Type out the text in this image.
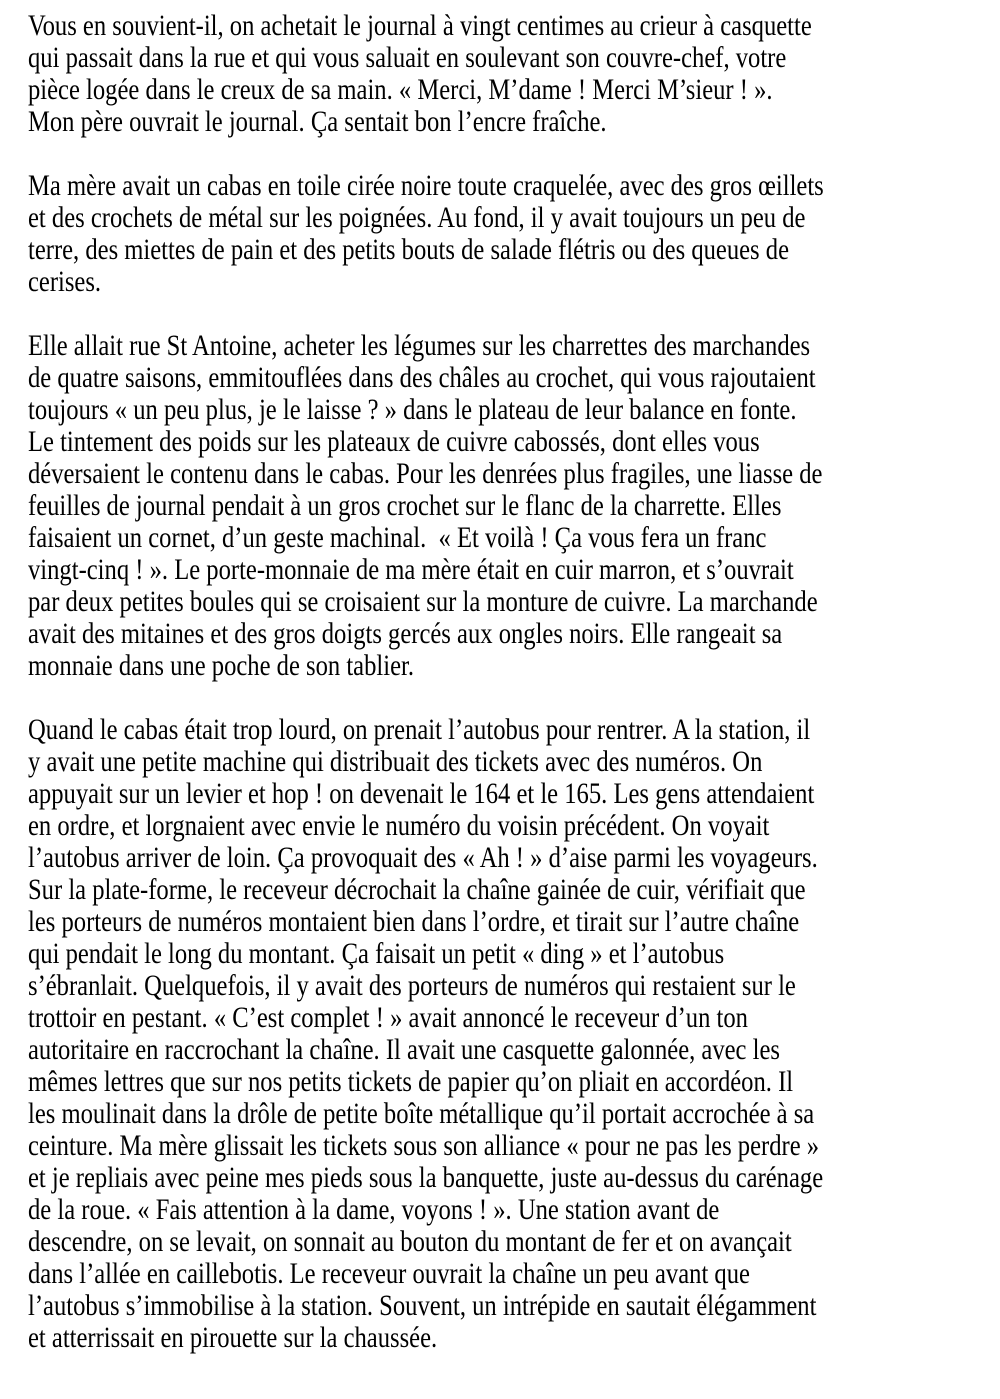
Vous en souvient-il, on achetait le journal à vingt centimes au crieur à casquette
qui passait dans la rue et qui vous saluait en soulevant son couvre-chef, votre
pièce logée dans le creux de sa main. « Merci, M’dame ! Merci M’sieur ! ».
Mon père ouvrait le journal. Ça sentait bon l’encre fraîche.
Ma mère avait un cabas en toile cirée noire toute craquelée, avec des gros œillets
et des crochets de métal sur les poignées. Au fond, il y avait toujours un peu de
terre, des miettes de pain et des petits bouts de salade flétris ou des queues de
cerises.
Elle allait rue St Antoine, acheter les légumes sur les charrettes des marchandes
de quatre saisons, emmitouflées dans des châles au crochet, qui vous rajoutaient
toujours « un peu plus, je le laisse ? » dans le plateau de leur balance en fonte.
Le tintement des poids sur les plateaux de cuivre cabossés, dont elles vous
déversaient le contenu dans le cabas. Pour les denrées plus fragiles, une liasse de
feuilles de journal pendait à un gros crochet sur le flanc de la charrette. Elles
faisaient un cornet, d’un geste machinal.  « Et voilà ! Ça vous fera un franc
vingt-cinq ! ». Le porte-monnaie de ma mère était en cuir marron, et s’ouvrait
par deux petites boules qui se croisaient sur la monture de cuivre. La marchande
avait des mitaines et des gros doigts gercés aux ongles noirs. Elle rangeait sa
monnaie dans une poche de son tablier.
Quand le cabas était trop lourd, on prenait l’autobus pour rentrer. A la station, il
y avait une petite machine qui distribuait des tickets avec des numéros. On
appuyait sur un levier et hop ! on devenait le 164 et le 165. Les gens attendaient
en ordre, et lorgnaient avec envie le numéro du voisin précédent. On voyait
l’autobus arriver de loin. Ça provoquait des « Ah ! » d’aise parmi les voyageurs.
Sur la plate-forme, le receveur décrochait la chaîne gainée de cuir, vérifiait que
les porteurs de numéros montaient bien dans l’ordre, et tirait sur l’autre chaîne
qui pendait le long du montant. Ça faisait un petit « ding » et l’autobus
s’ébranlait. Quelquefois, il y avait des porteurs de numéros qui restaient sur le
trottoir en pestant. « C’est complet ! » avait annoncé le receveur d’un ton
autoritaire en raccrochant la chaîne. Il avait une casquette galonnée, avec les
mêmes lettres que sur nos petits tickets de papier qu’on pliait en accordéon. Il
les moulinait dans la drôle de petite boîte métallique qu’il portait accrochée à sa
ceinture. Ma mère glissait les tickets sous son alliance « pour ne pas les perdre »
et je repliais avec peine mes pieds sous la banquette, juste au-dessus du carénage
de la roue. « Fais attention à la dame, voyons ! ». Une station avant de
descendre, on se levait, on sonnait au bouton du montant de fer et on avançait
dans l’allée en caillebotis. Le receveur ouvrait la chaîne un peu avant que
l’autobus s’immobilise à la station. Souvent, un intrépide en sautait élégamment
et atterrissait en pirouette sur la chaussée.
